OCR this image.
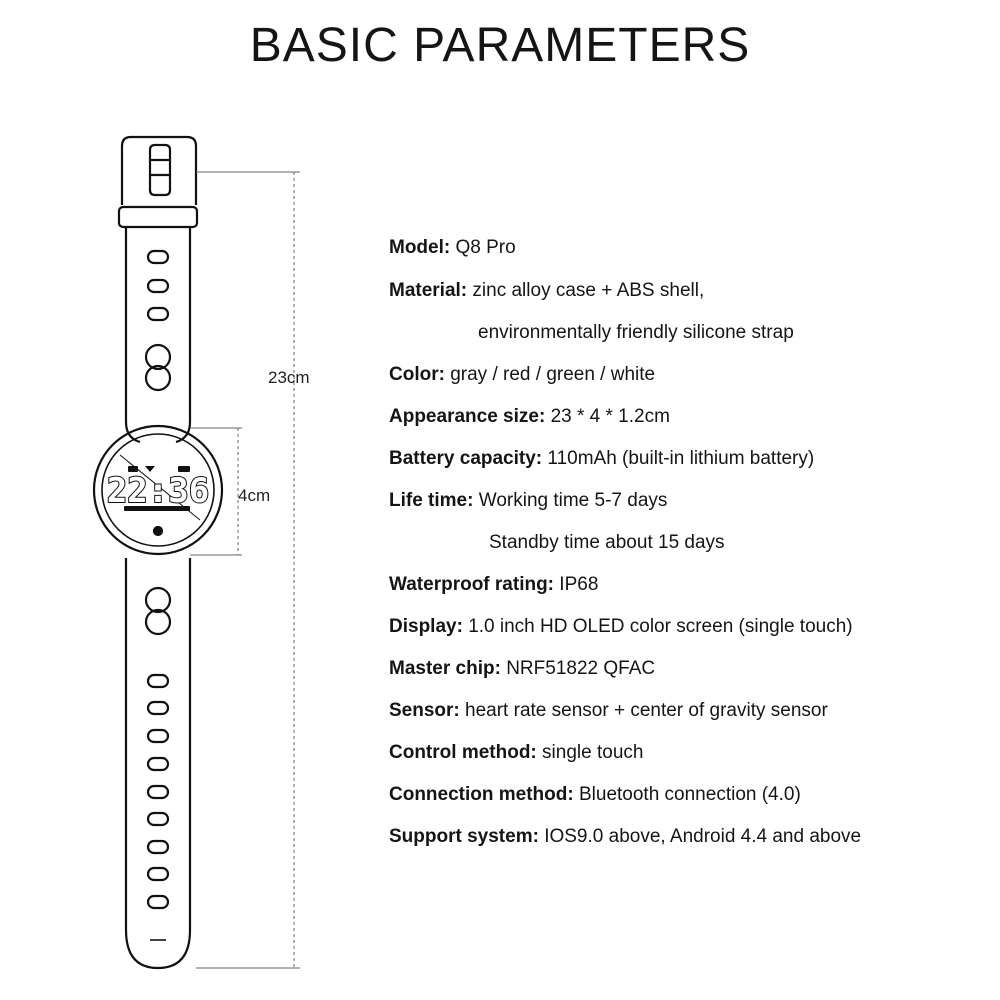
BASIC PARAMETERS
22:36
23cm
4cm
Model: Q8 Pro
Material: zinc alloy case + ABS shell,
environmentally friendly silicone strap
Color: gray / red / green / white
Appearance size: 23 * 4 * 1.2cm
Battery capacity: 110mAh (built-in lithium battery)
Life time: Working time 5-7 days
Standby time about 15 days
Waterproof rating: IP68
Display: 1.0 inch HD OLED color screen (single touch)
Master chip: NRF51822 QFAC
Sensor: heart rate sensor + center of gravity sensor
Control method: single touch
Connection method: Bluetooth connection (4.0)
Support system: IOS9.0 above, Android 4.4 and above
